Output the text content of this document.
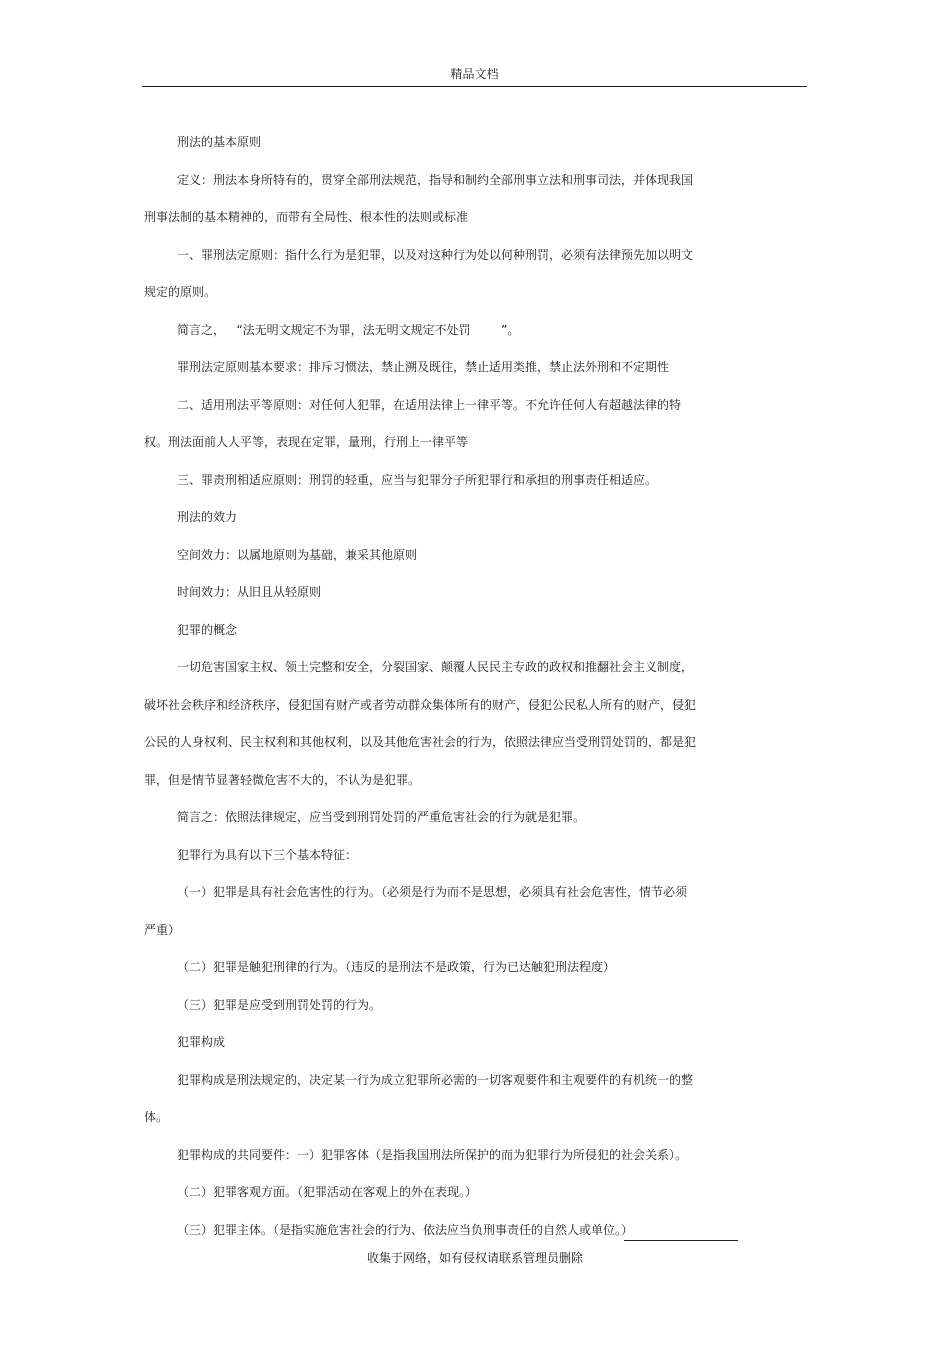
精品文档

刑法的基本原则

定义：刑法本身所特有的，贯穿全部刑法规范，指导和制约全部刑事立法和刑事司法，并体现我国

刑事法制的基本精神的，而带有全局性、根本性的法则或标准

一、罪刑法定原则：指什么行为是犯罪，以及对这种行为处以何种刑罚，必须有法律预先加以明文

规定的原则。

简言之，   “法无明文规定不为罪，法无明文规定不处罚        ”。

罪刑法定原则基本要求：排斥习惯法，禁止溯及既往，禁止适用类推，禁止法外刑和不定期性

二、适用刑法平等原则：对任何人犯罪，在适用法律上一律平等。不允许任何人有超越法律的特

权。刑法面前人人平等，表现在定罪，量刑，行刑上一律平等

三、罪责刑相适应原则：刑罚的轻重，应当与犯罪分子所犯罪行和承担的刑事责任相适应。

刑法的效力

空间效力：以属地原则为基础，兼采其他原则

时间效力：从旧且从轻原则

犯罪的概念

一切危害国家主权、领土完整和安全，分裂国家、颠覆人民民主专政的政权和推翻社会主义制度，

破坏社会秩序和经济秩序，侵犯国有财产或者劳动群众集体所有的财产，侵犯公民私人所有的财产，侵犯

公民的人身权利、民主权利和其他权利，以及其他危害社会的行为，依照法律应当受刑罚处罚的，都是犯

罪，但是情节显著轻微危害不大的，不认为是犯罪。

简言之：依照法律规定，应当受到刑罚处罚的严重危害社会的行为就是犯罪。

犯罪行为具有以下三个基本特征：

（一）犯罪是具有社会危害性的行为。（必须是行为而不是思想，必须具有社会危害性，情节必须

严重）

（二）犯罪是触犯刑律的行为。（违反的是刑法不是政策，行为已达触犯刑法程度）

（三）犯罪是应受到刑罚处罚的行为。

犯罪构成

犯罪构成是刑法规定的，决定某一行为成立犯罪所必需的一切客观要件和主观要件的有机统一的整

体。

犯罪构成的共同要件：一）犯罪客体（是指我国刑法所保护的而为犯罪行为所侵犯的社会关系）。

（二）犯罪客观方面。（犯罪活动在客观上的外在表现。）

（三）犯罪主体。（是指实施危害社会的行为、依法应当负刑事责任的自然人或单位。）

收集于网络，如有侵权请联系管理员删除
